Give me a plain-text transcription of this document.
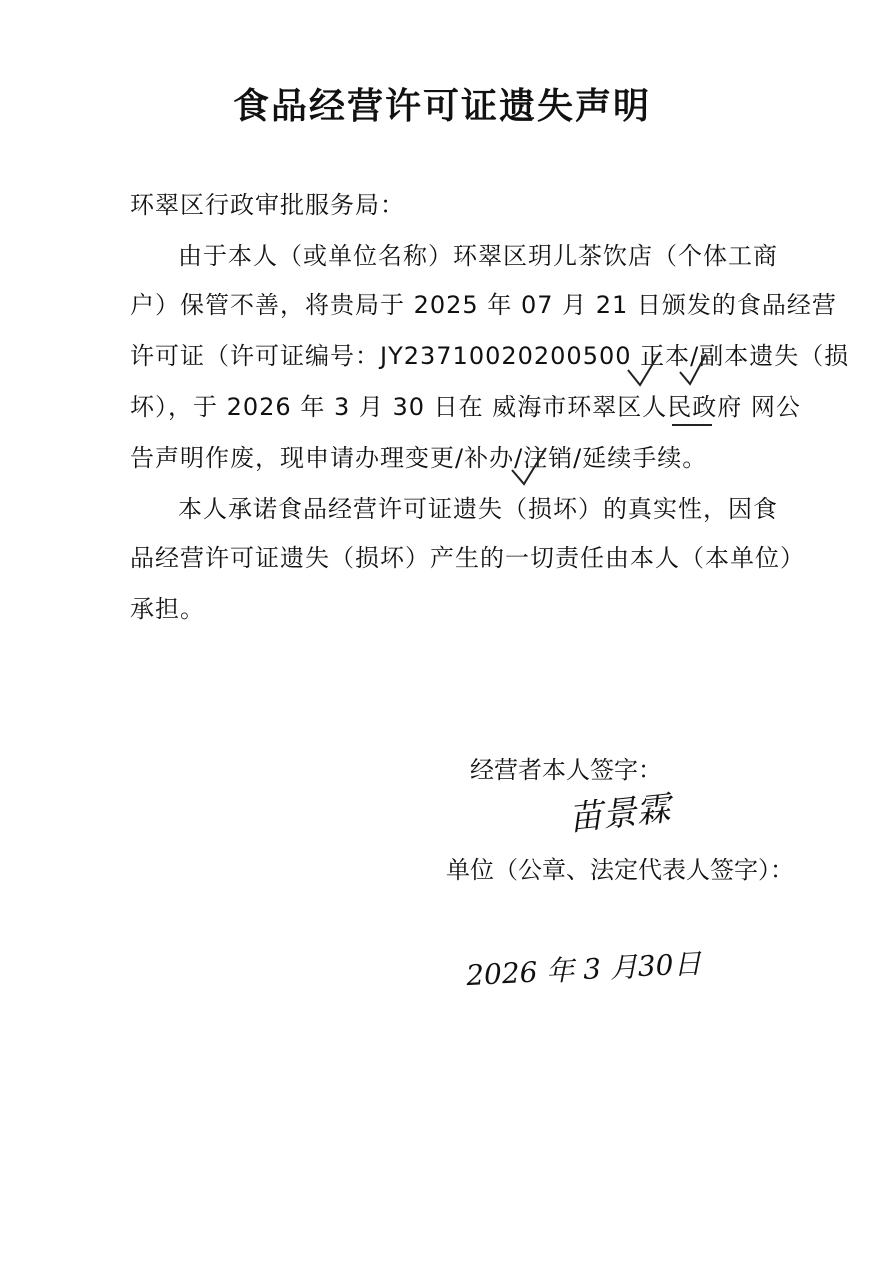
食品经营许可证遗失声明
环翠区行政审批服务局：
由于本人（或单位名称）环翠区玥儿茶饮店（个体工商
户）保管不善，将贵局于 2025 年 07 月 21 日颁发的食品经营
许可证（许可证编号：JY23710020200500 正本/副本遗失（损
坏），于 2026 年 3 月 30 日在 威海市环翠区人民政府 网公
告声明作废，现申请办理变更/补办/注销/延续手续。
本人承诺食品经营许可证遗失（损坏）的真实性，因食
品经营许可证遗失（损坏）产生的一切责任由本人（本单位）
承担。
经营者本人签字：
苗景霖
单位（公章、法定代表人签字）：
2026 年 3 月30日
